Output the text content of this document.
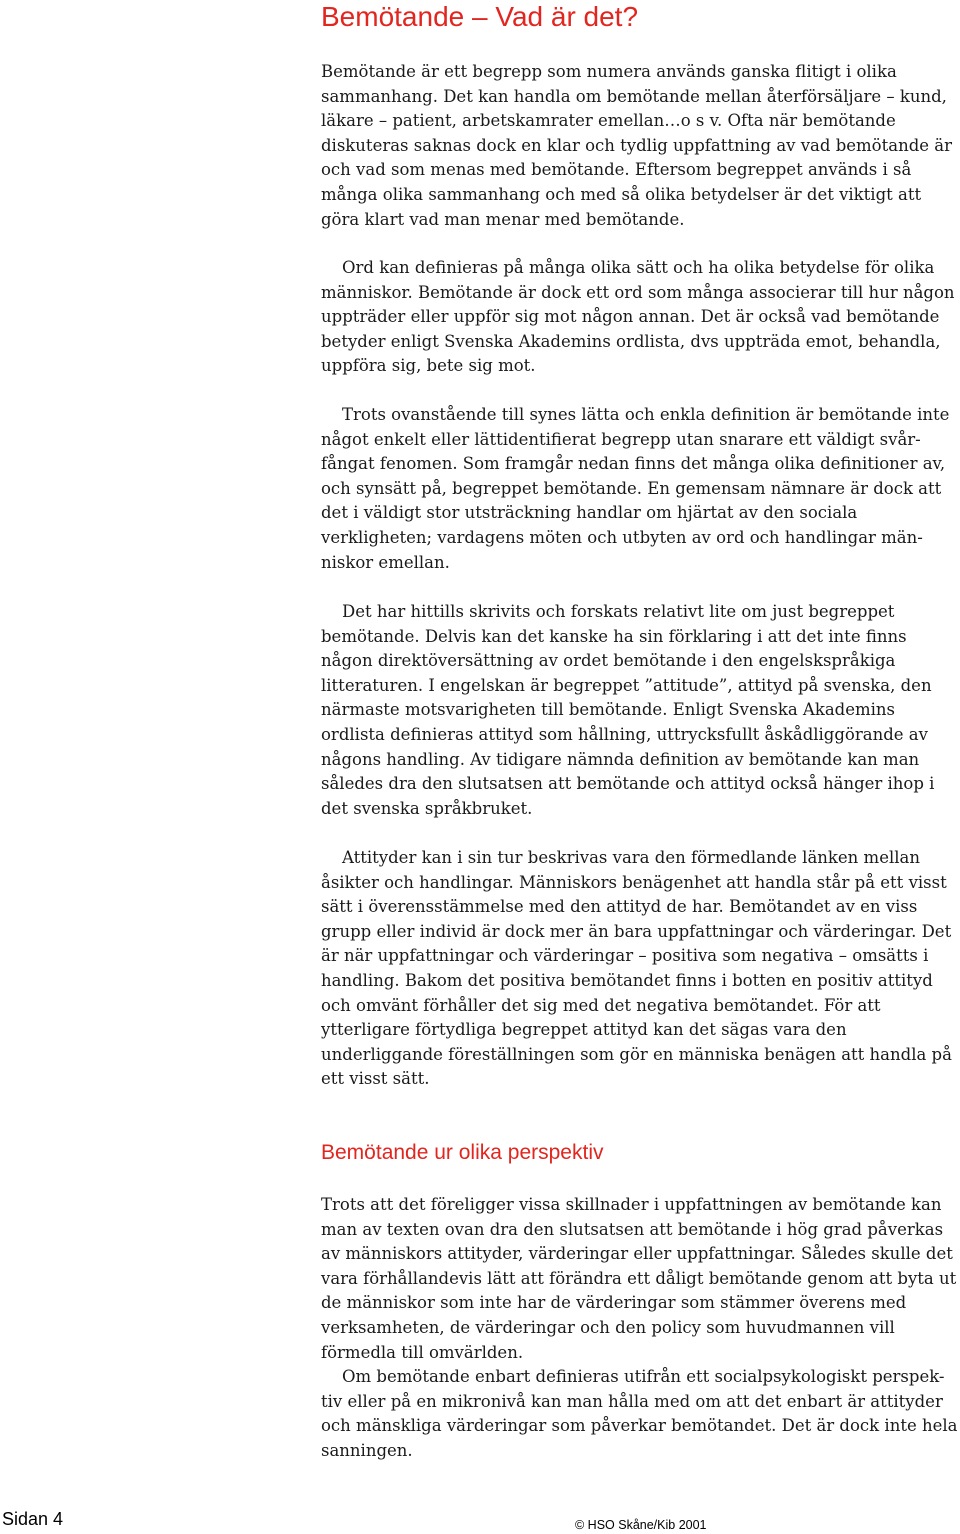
Bemötande – Vad är det?

Bemötande är ett begrepp som numera används ganska flitigt i olika sammanhang. Det kan handla om bemötande mellan återförsäljare – kund, läkare – patient, arbetskamrater emellan…o s v. Ofta när bemötande diskuteras saknas dock en klar och tydlig uppfattning av vad bemötande är och vad som menas med bemötande. Eftersom begreppet används i så många olika sammanhang och med så olika betydelser är det viktigt att göra klart vad man menar med bemötande.

Ord kan definieras på många olika sätt och ha olika betydelse för olika människor. Bemötande är dock ett ord som många associerar till hur någon uppträder eller uppför sig mot någon annan. Det är också vad bemötande betyder enligt Svenska Akademins ordlista, dvs uppträda emot, behandla, uppföra sig, bete sig mot.

Trots ovanstående till synes lätta och enkla definition är bemötande inte något enkelt eller lättidentifierat begrepp utan snarare ett väldigt svår-fångat fenomen. Som framgår nedan finns det många olika definitioner av, och synsätt på, begreppet bemötande. En gemensam nämnare är dock att det i väldigt stor utsträckning handlar om hjärtat av den sociala verkligheten; vardagens möten och utbyten av ord och handlingar män-niskor emellan.

Det har hittills skrivits och forskats relativt lite om just begreppet bemötande. Delvis kan det kanske ha sin förklaring i att det inte finns någon direktöversättning av ordet bemötande i den engelskspråkiga litteraturen. I engelskan är begreppet ”attitude”, attityd på svenska, den närmaste motsvarigheten till bemötande. Enligt Svenska Akademins ordlista definieras attityd som hållning, uttrycksfullt åskådliggörande av någons handling. Av tidigare nämnda definition av bemötande kan man således dra den slutsatsen att bemötande och attityd också hänger ihop i det svenska språkbruket.

Attityder kan i sin tur beskrivas vara den förmedlande länken mellan åsikter och handlingar. Människors benägenhet att handla står på ett visst sätt i överensstämmelse med den attityd de har. Bemötandet av en viss grupp eller individ är dock mer än bara uppfattningar och värderingar. Det är när uppfattningar och värderingar – positiva som negativa – omsätts i handling. Bakom det positiva bemötandet finns i botten en positiv attityd och omvänt förhåller det sig med det negativa bemötandet. För att ytterligare förtydliga begreppet attityd kan det sägas vara den underliggande föreställningen som gör en människa benägen att handla på ett visst sätt.

Bemötande ur olika perspektiv

Trots att det föreligger vissa skillnader i uppfattningen av bemötande kan man av texten ovan dra den slutsatsen att bemötande i hög grad påverkas av människors attityder, värderingar eller uppfattningar. Således skulle det vara förhållandevis lätt att förändra ett dåligt bemötande genom att byta ut de människor som inte har de värderingar som stämmer överens med verksamheten, de värderingar och den policy som huvudmannen vill förmedla till omvärlden.

Om bemötande enbart definieras utifrån ett socialpsykologiskt perspek-tiv eller på en mikronivå kan man hålla med om att det enbart är attityder och mänskliga värderingar som påverkar bemötandet. Det är dock inte hela sanningen.

Sidan 4	© HSO Skåne/Kib 2001
